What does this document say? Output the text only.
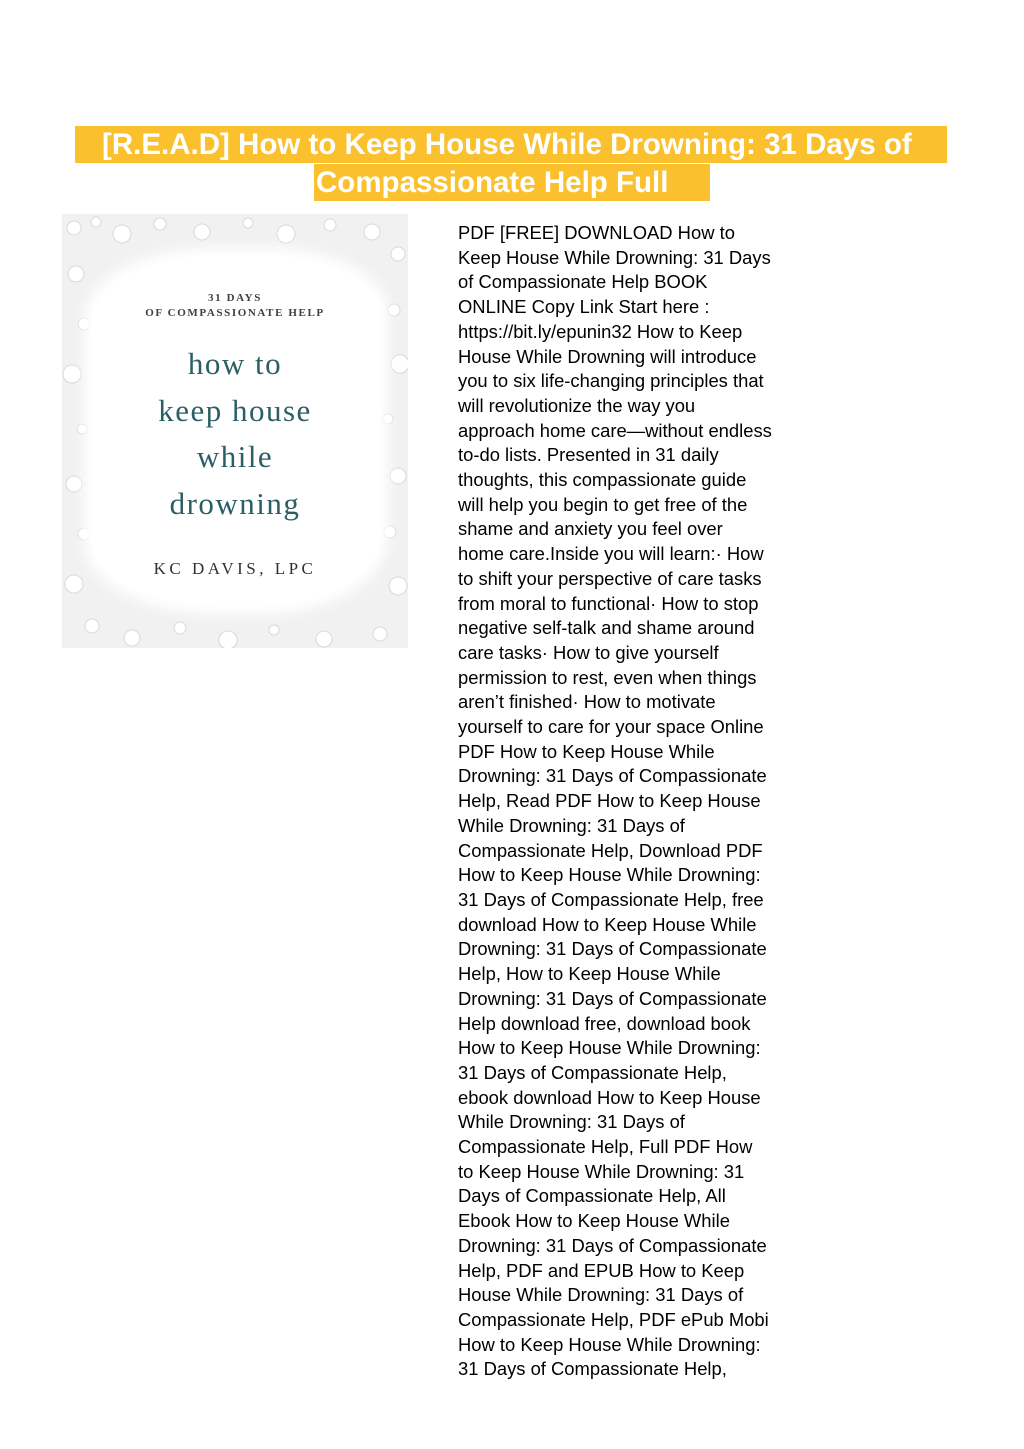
[R.E.A.D] How to Keep House While Drowning: 31 Days of
Compassionate Help Full
31 DAYS
OF COMPASSIONATE HELP
how to
keep house
while
drowning
KC DAVIS, LPC
PDF [FREE] DOWNLOAD How to
Keep House While Drowning: 31 Days
of Compassionate Help BOOK
ONLINE Copy Link Start here :
https://bit.ly/epunin32 How to Keep
House While Drowning will introduce
you to six life-changing principles that
will revolutionize the way you
approach home care—without endless
to-do lists. Presented in 31 daily
thoughts, this compassionate guide
will help you begin to get free of the
shame and anxiety you feel over
home care.Inside you will learn:· How
to shift your perspective of care tasks
from moral to functional· How to stop
negative self-talk and shame around
care tasks· How to give yourself
permission to rest, even when things
aren’t finished· How to motivate
yourself to care for your space Online
PDF How to Keep House While
Drowning: 31 Days of Compassionate
Help, Read PDF How to Keep House
While Drowning: 31 Days of
Compassionate Help, Download PDF
How to Keep House While Drowning:
31 Days of Compassionate Help, free
download How to Keep House While
Drowning: 31 Days of Compassionate
Help, How to Keep House While
Drowning: 31 Days of Compassionate
Help download free, download book
How to Keep House While Drowning:
31 Days of Compassionate Help,
ebook download How to Keep House
While Drowning: 31 Days of
Compassionate Help, Full PDF How
to Keep House While Drowning: 31
Days of Compassionate Help, All
Ebook How to Keep House While
Drowning: 31 Days of Compassionate
Help, PDF and EPUB How to Keep
House While Drowning: 31 Days of
Compassionate Help, PDF ePub Mobi
How to Keep House While Drowning:
31 Days of Compassionate Help,
